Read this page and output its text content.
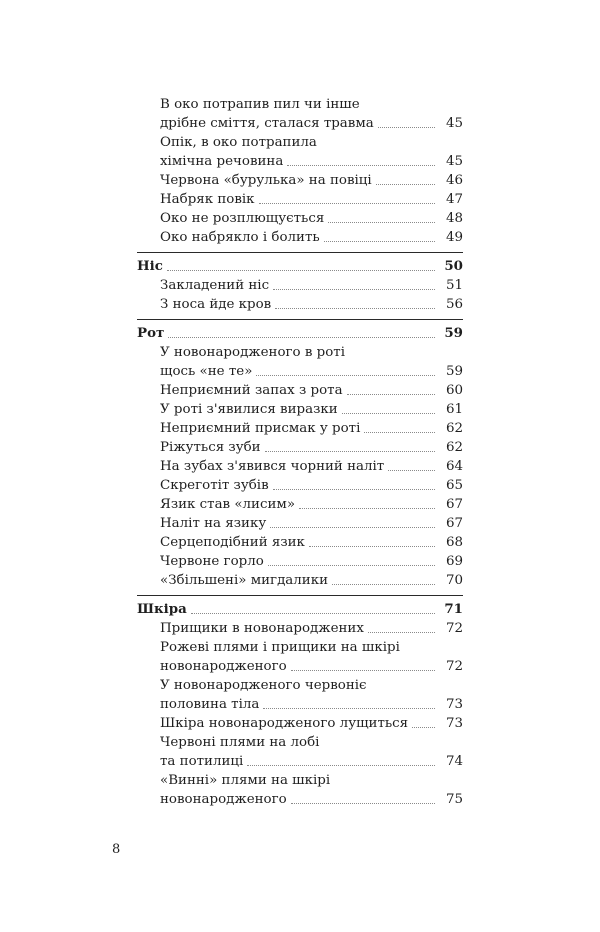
В око потрапив пил чи інше
дрібне сміття, сталася травма	45
Опік, в око потрапила
хімічна речовина	45
Червона «бурулька» на повіці	46
Набряк повік	47
Око не розплющується	48
Око набрякло і болить	49
Ніс	50
Закладений ніс	51
З носа йде кров	56
Рот	59
У новонародженого в роті
щось «не те»	59
Неприємний запах з рота	60
У роті з'явилися виразки	61
Неприємний присмак у роті	62
Ріжуться зуби	62
На зубах з'явився чорний наліт	64
Скреготіт зубів	65
Язик став «лисим»	67
Наліт на язику	67
Серцеподібний язик	68
Червоне горло	69
«Збільшені» мигдалики	70
Шкіра	71
Прищики в новонароджених	72
Рожеві плями і прищики на шкірі
новонародженого	72
У новонародженого червоніє
половина тіла	73
Шкіра новонародженого лущиться	73
Червоні плями на лобі
та потилиці	74
«Винні» плями на шкірі
новонародженого	75
8
